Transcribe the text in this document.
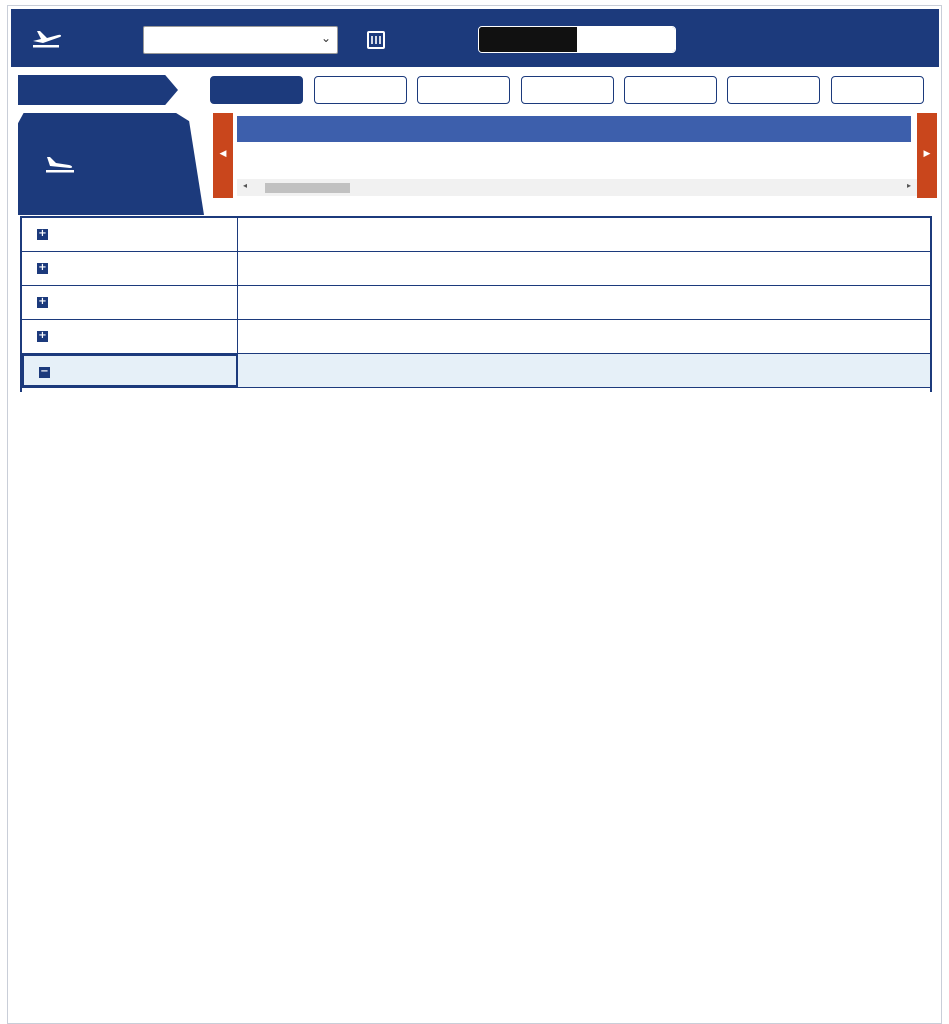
⌄
◀	▶
◂	▸
+
+
+
+
−
